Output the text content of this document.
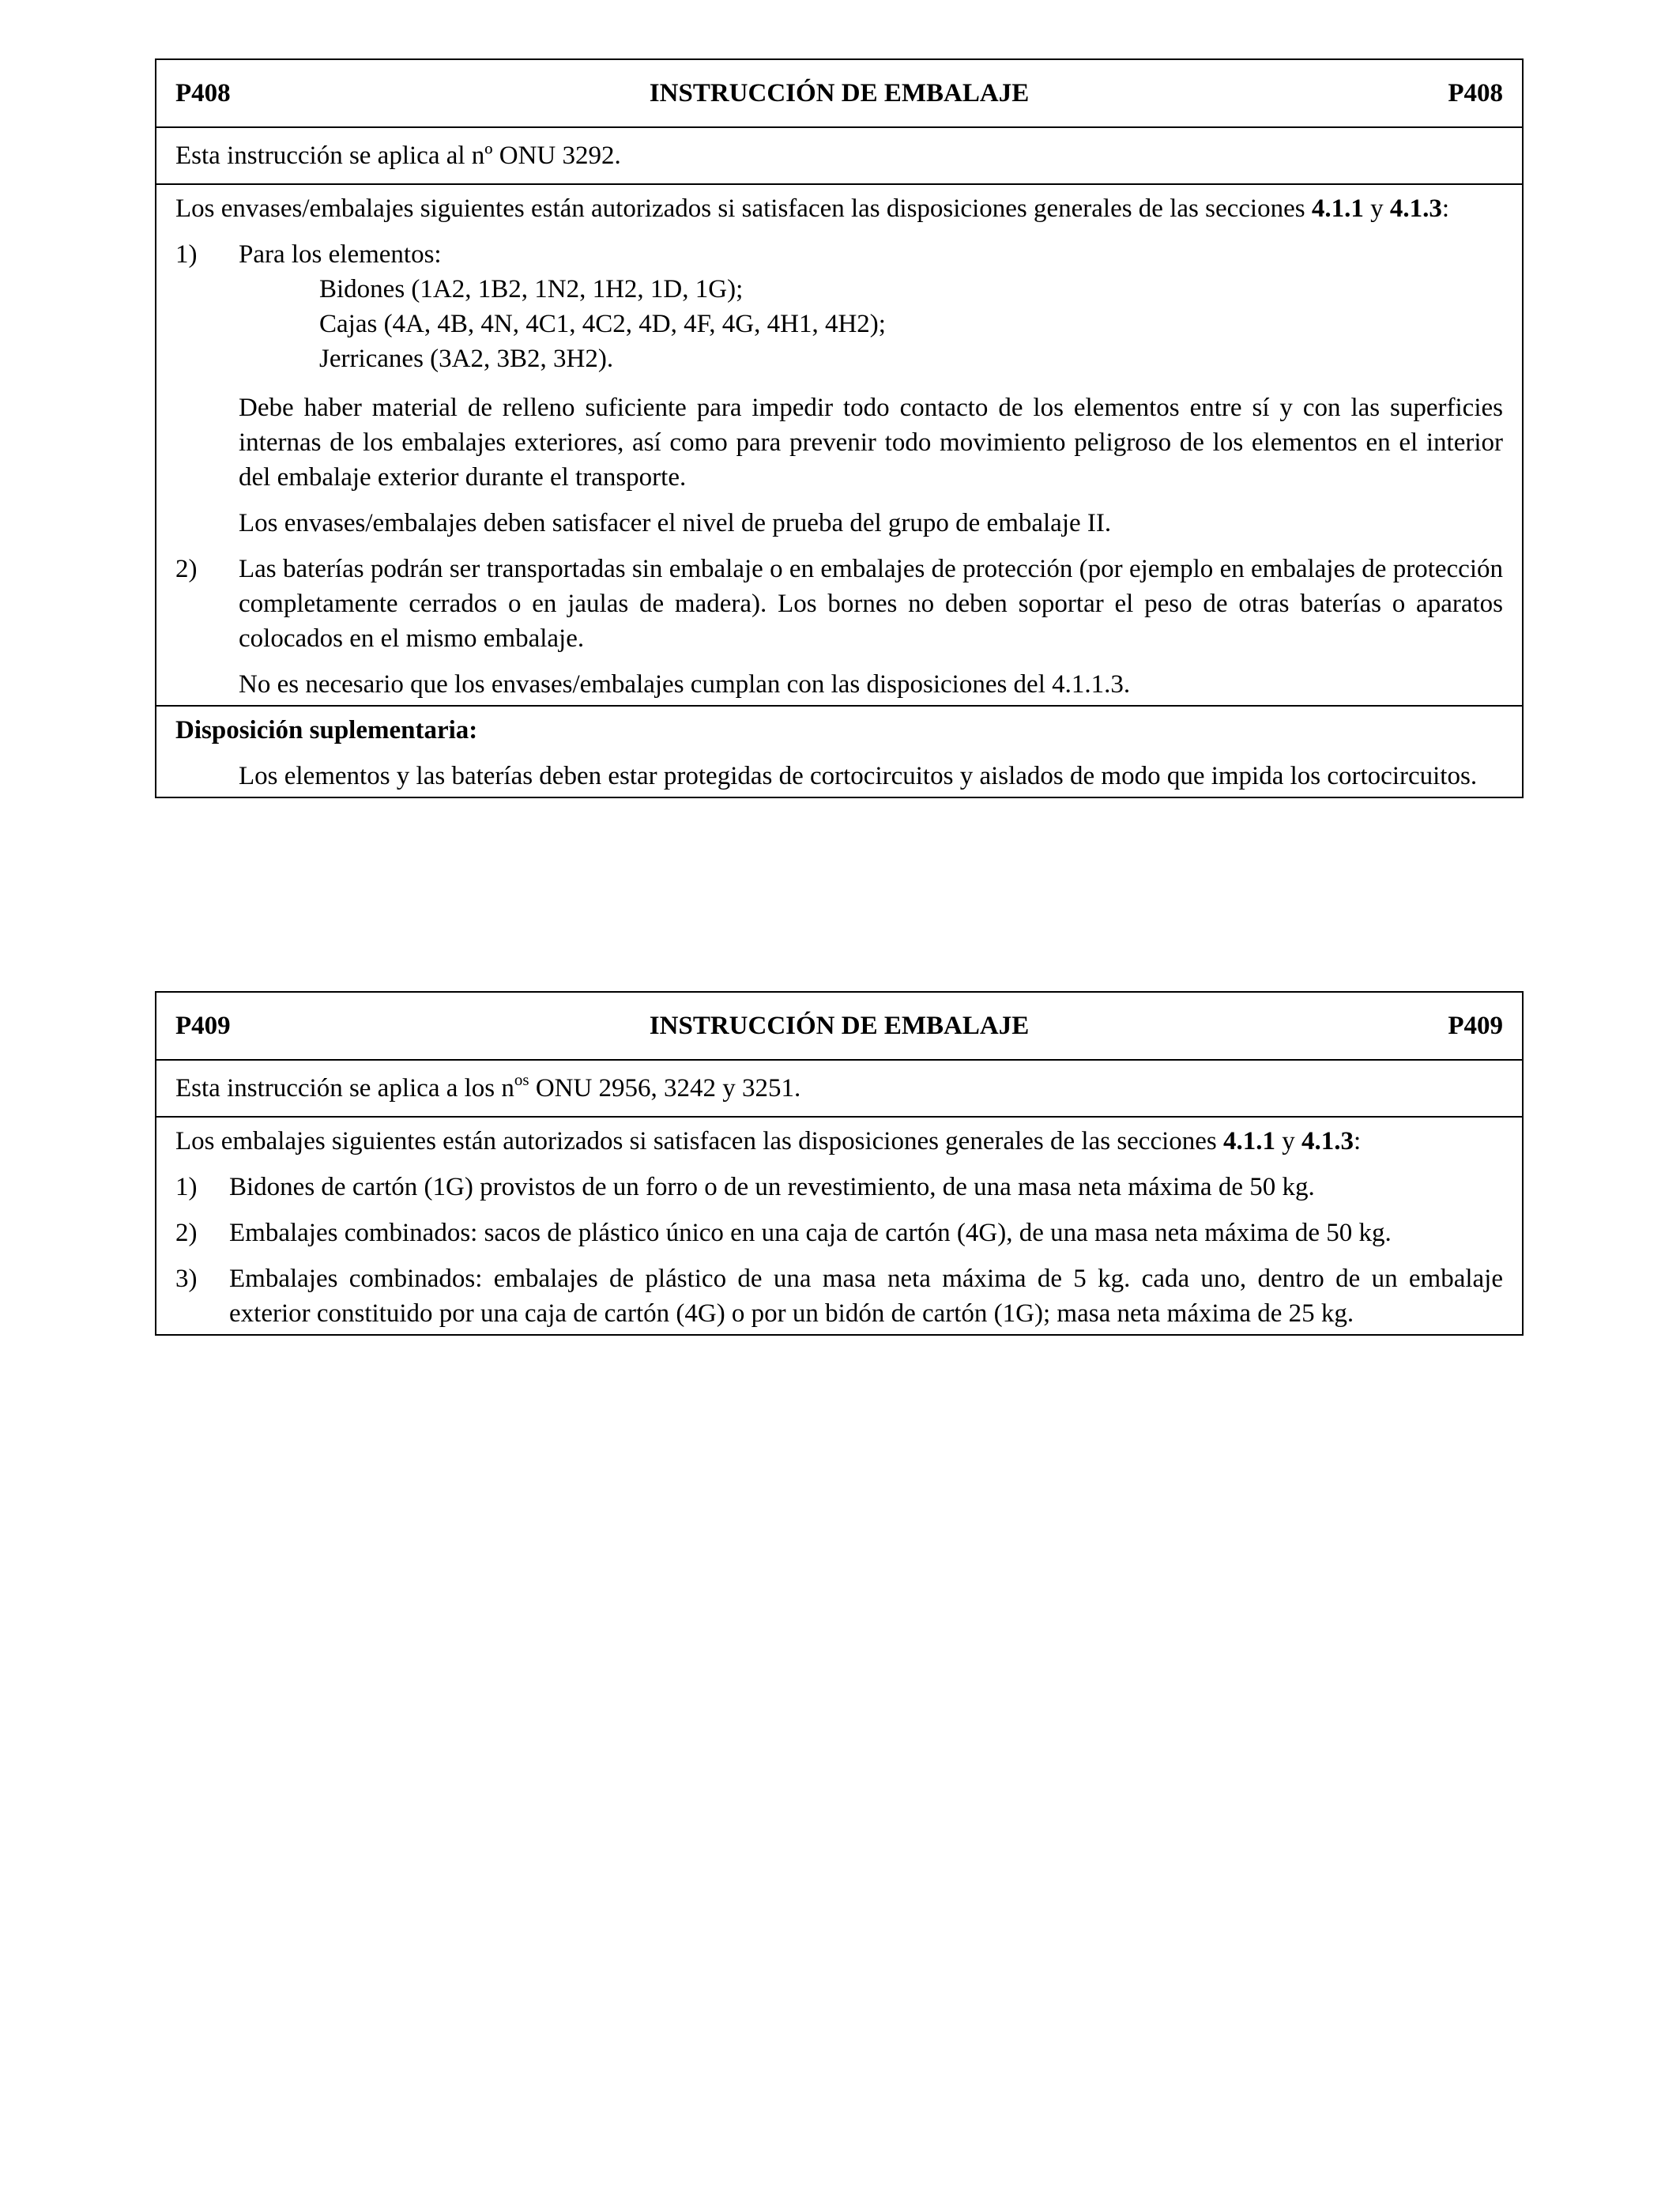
P408	INSTRUCCIÓN DE EMBALAJE	P408
Esta instrucción se aplica al nº ONU 3292.

Los envases/embalajes siguientes están autorizados si satisfacen las disposiciones generales de las secciones 4.1.1 y 4.1.3:

1)	Para los elementos:

Bidones (1A2, 1B2, 1N2, 1H2, 1D, 1G);

Cajas (4A, 4B, 4N, 4C1, 4C2, 4D, 4F, 4G, 4H1, 4H2);

Jerricanes (3A2, 3B2, 3H2).

Debe haber material de relleno suficiente para impedir todo contacto de los elementos entre sí y con las superficies internas de los embalajes exteriores, así como para prevenir todo movimiento peligroso de los elementos en el interior del embalaje exterior durante el transporte.

Los envases/embalajes deben satisfacer el nivel de prueba del grupo de embalaje II.

2)	Las baterías podrán ser transportadas sin embalaje o en embalajes de protección (por ejemplo en embalajes de protección completamente cerrados o en jaulas de madera). Los bornes no deben soportar el peso de otras baterías o aparatos colocados en el mismo embalaje.

No es necesario que los envases/embalajes cumplan con las disposiciones del 4.1.1.3.

Disposición suplementaria:

Los elementos y las baterías deben estar protegidas de cortocircuitos y aislados de modo que impida los cortocircuitos.

P409	INSTRUCCIÓN DE EMBALAJE	P409
Esta instrucción se aplica a los $n^{os}$ ONU 2956, 3242 y 3251.

Los embalajes siguientes están autorizados si satisfacen las disposiciones generales de las secciones 4.1.1 y 4.1.3:

1)	Bidones de cartón (1G) provistos de un forro o de un revestimiento, de una masa neta máxima de 50 kg.

2)	Embalajes combinados: sacos de plástico único en una caja de cartón (4G), de una masa neta máxima de 50 kg.

3)	Embalajes combinados: embalajes de plástico de una masa neta máxima de 5 kg. cada uno, dentro de un embalaje exterior constituido por una caja de cartón (4G) o por un bidón de cartón (1G); masa neta máxima de 25 kg.
